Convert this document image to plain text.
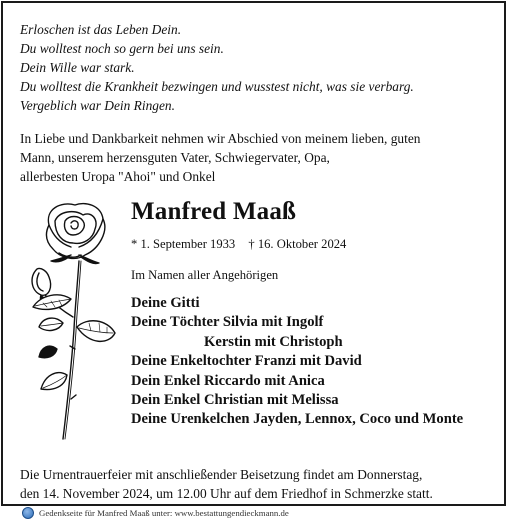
Erloschen ist das Leben Dein.
Du wolltest noch so gern bei uns sein.
Dein Wille war stark.
Du wolltest die Krankheit bezwingen und wusstest nicht, was sie verbarg.
Vergeblich war Dein Ringen.
In Liebe und Dankbarkeit nehmen wir Abschied von meinem lieben, guten
Mann, unserem herzensguten Vater, Schwiegervater, Opa,
allerbesten Uropa "Ahoi" und Onkel
Manfred Maaß
* 1. September 1933 † 16. Oktober 2024
Im Namen aller Angehörigen
Deine Gitti
Deine Töchter Silvia mit Ingolf
Kerstin mit Christoph
Deine Enkeltochter Franzi mit David
Dein Enkel Riccardo mit Anica
Dein Enkel Christian mit Melissa
Deine Urenkelchen Jayden, Lennox, Coco und Monte
Die Urnentrauerfeier mit anschließender Beisetzung findet am Donnerstag,
den 14. November 2024, um 12.00 Uhr auf dem Friedhof in Schmerzke statt.
Gedenkseite für Manfred Maaß unter: www.bestattungendieckmann.de
